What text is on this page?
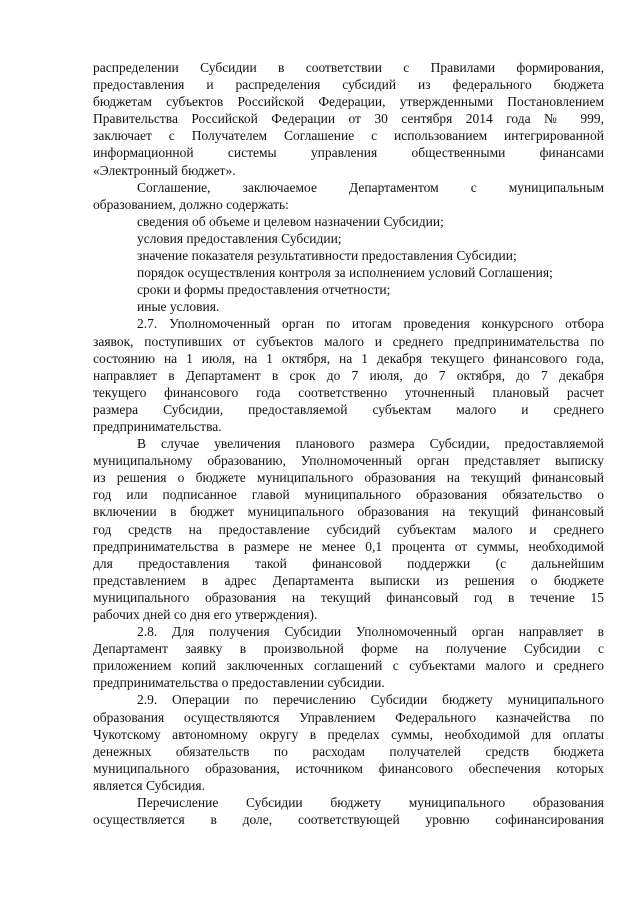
распределении Субсидии в соответствии с Правилами формирования,

предоставления и распределения субсидий из федерального бюджета

бюджетам субъектов Российской Федерации, утвержденными Постановлением

Правительства Российской Федерации от 30 сентября 2014 года № 999,

заключает с Получателем Соглашение с использованием интегрированной

информационной системы управления общественными финансами

«Электронный бюджет».

Соглашение, заключаемое Департаментом с муниципальным

образованием, должно содержать:

сведения об объеме и целевом назначении Субсидии;

условия предоставления Субсидии;

значение показателя результативности предоставления Субсидии;

порядок осуществления контроля за исполнением условий Соглашения;

сроки и формы предоставления отчетности;

иные условия.

2.7. Уполномоченный орган по итогам проведения конкурсного отбора

заявок, поступивших от субъектов малого и среднего предпринимательства по

состоянию на 1 июля, на 1 октября, на 1 декабря текущего финансового года,

направляет в Департамент в срок до 7 июля, до 7 октября, до 7 декабря

текущего финансового года соответственно уточненный плановый расчет

размера Субсидии, предоставляемой субъектам малого и среднего

предпринимательства.

В случае увеличения планового размера Субсидии, предоставляемой

муниципальному образованию, Уполномоченный орган представляет выписку

из решения о бюджете муниципального образования на текущий финансовый

год или подписанное главой муниципального образования обязательство о

включении в бюджет муниципального образования на текущий финансовый

год средств на предоставление субсидий субъектам малого и среднего

предпринимательства в размере не менее 0,1 процента от суммы, необходимой

для предоставления такой финансовой поддержки (с дальнейшим

представлением в адрес Департамента выписки из решения о бюджете

муниципального образования на текущий финансовый год в течение 15

рабочих дней со дня его утверждения).

2.8. Для получения Субсидии Уполномоченный орган направляет в

Департамент заявку в произвольной форме на получение Субсидии с

приложением копий заключенных соглашений с субъектами малого и среднего

предпринимательства о предоставлении субсидии.

2.9. Операции по перечислению Субсидии бюджету муниципального

образования осуществляются Управлением Федерального казначейства по

Чукотскому автономному округу в пределах суммы, необходимой для оплаты

денежных обязательств по расходам получателей средств бюджета

муниципального образования, источником финансового обеспечения которых

является Субсидия.

Перечисление Субсидии бюджету муниципального образования

осуществляется в доле, соответствующей уровню софинансирования
